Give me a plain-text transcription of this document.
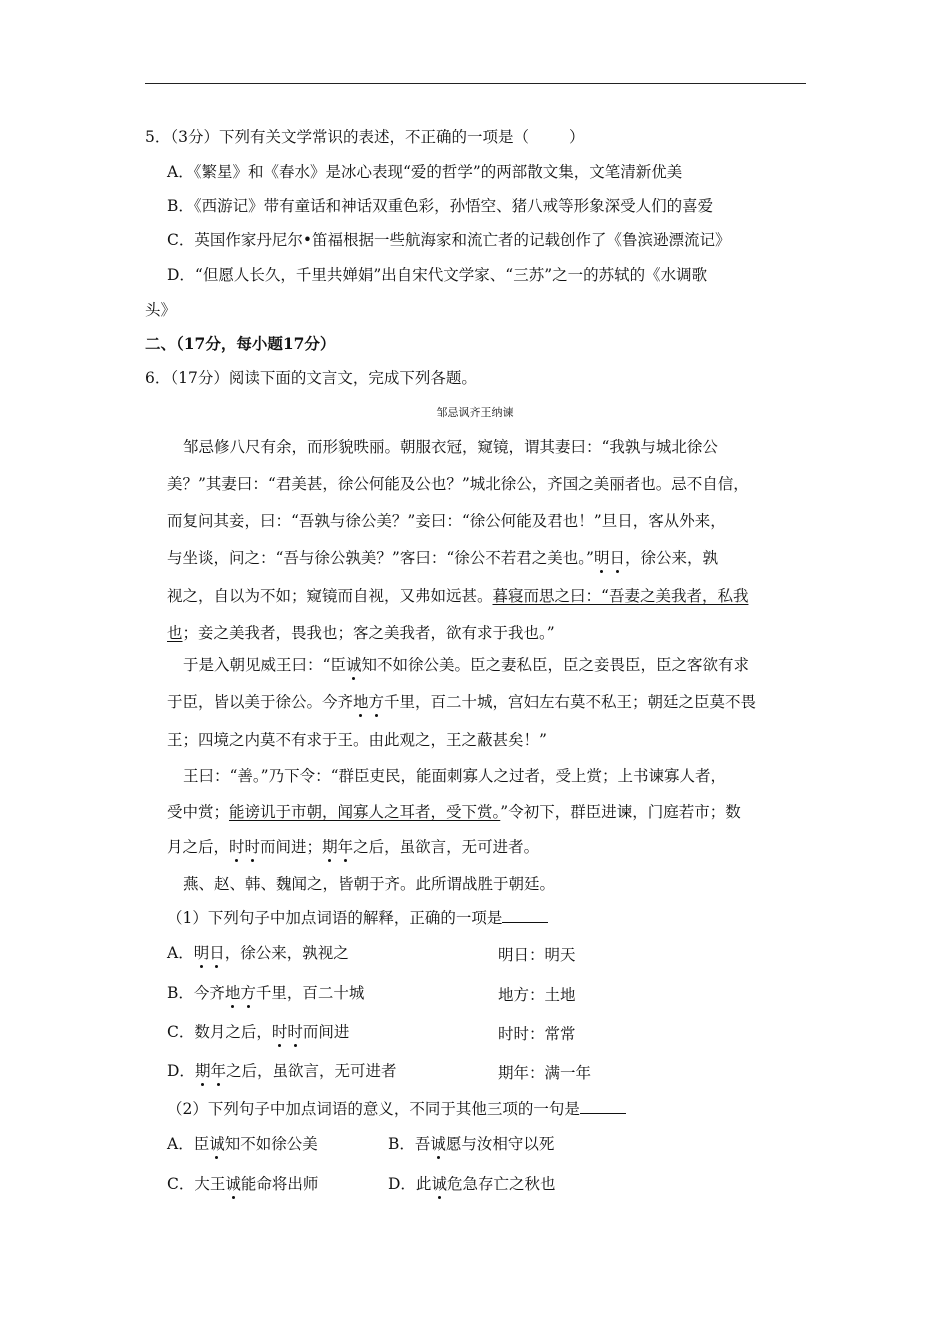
5．（3分）下列有关文学常识的表述，不正确的一项是（	）
A．《繁星》和《春水》是冰心表现“爱的哲学”的两部散文集，文笔清新优美
B．《西游记》带有童话和神话双重色彩，孙悟空、猪八戒等形象深受人们的喜爱
C．英国作家丹尼尔•笛福根据一些航海家和流亡者的记载创作了《鲁滨逊漂流记》
D．“但愿人长久，千里共婵娟”出自宋代文学家、“三苏”之一的苏轼的《水调歌
头》
二、（17分，每小题17分）
6．（17分）阅读下面的文言文，完成下列各题。
邹忌讽齐王纳谏
邹忌修八尺有余，而形貌昳丽。朝服衣冠，窥镜，谓其妻曰：“我孰与城北徐公
美？”其妻曰：“君美甚，徐公何能及公也？”城北徐公，齐国之美丽者也。忌不自信，
而复问其妾，曰：“吾孰与徐公美？”妾曰：“徐公何能及君也！”旦日，客从外来，
与坐谈，问之：“吾与徐公孰美？”客曰：“徐公不若君之美也。”明日，徐公来，孰
视之，自以为不如；窥镜而自视，又弗如远甚。暮寝而思之曰：“吾妻之美我者，私我
也；妾之美我者，畏我也；客之美我者，欲有求于我也。”
于是入朝见威王曰：“臣诚知不如徐公美。臣之妻私臣，臣之妾畏臣，臣之客欲有求
于臣，皆以美于徐公。今齐地方千里，百二十城，宫妇左右莫不私王；朝廷之臣莫不畏
王；四境之内莫不有求于王。由此观之，王之蔽甚矣！”
王曰：“善。”乃下令：“群臣吏民，能面刺寡人之过者，受上赏；上书谏寡人者，
受中赏；能谤讥于市朝，闻寡人之耳者，受下赏。”令初下，群臣进谏，门庭若市；数
月之后，时时而间进；期年之后，虽欲言，无可进者。
燕、赵、韩、魏闻之，皆朝于齐。此所谓战胜于朝廷。
（1）下列句子中加点词语的解释，正确的一项是
A．明日，徐公来，孰视之	明日：明天
B．今齐地方千里，百二十城	地方：土地
C．数月之后，时时而间进	时时：常常
D．期年之后，虽欲言，无可进者	期年：满一年
（2）下列句子中加点词语的意义，不同于其他三项的一句是
A．臣诚知不如徐公美	B．吾诚愿与汝相守以死
C．大王诚能命将出师	D．此诚危急存亡之秋也
